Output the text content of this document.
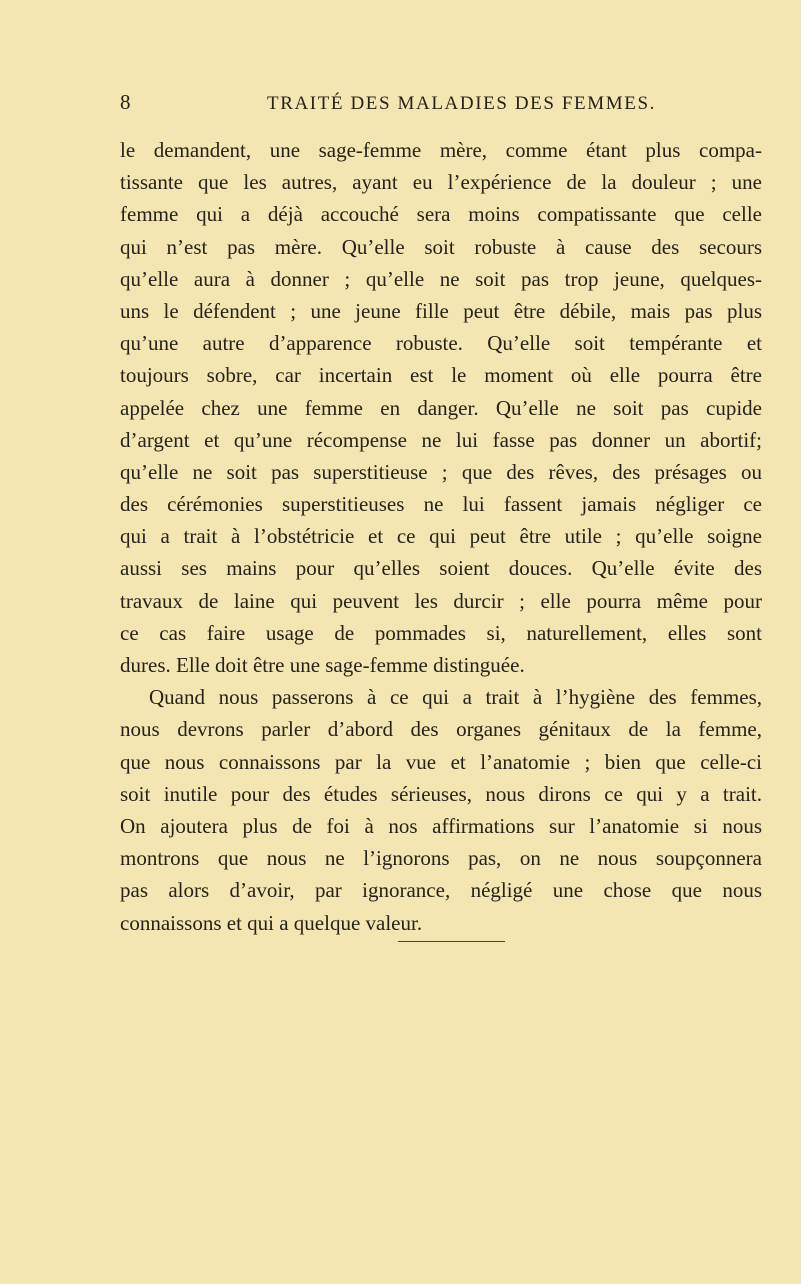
8	TRAITÉ DES MALADIES DES FEMMES.
le demandent, une sage-femme mère, comme étant plus compa-
tissante que les autres, ayant eu l’expérience de la douleur ; une
femme qui a déjà accouché sera moins compatissante que celle
qui n’est pas mère. Qu’elle soit robuste à cause des secours
qu’elle aura à donner ; qu’elle ne soit pas trop jeune, quelques-
uns le défendent ; une jeune fille peut être débile, mais pas plus
qu’une autre d’apparence robuste. Qu’elle soit tempérante et
toujours sobre, car incertain est le moment où elle pourra être
appelée chez une femme en danger. Qu’elle ne soit pas cupide
d’argent et qu’une récompense ne lui fasse pas donner un abortif;
qu’elle ne soit pas superstitieuse ; que des rêves, des présages ou
des cérémonies superstitieuses ne lui fassent jamais négliger ce
qui a trait à l’obstétricie et ce qui peut être utile ; qu’elle soigne
aussi ses mains pour qu’elles soient douces. Qu’elle évite des
travaux de laine qui peuvent les durcir ; elle pourra même pour
ce cas faire usage de pommades si, naturellement, elles sont
dures. Elle doit être une sage-femme distinguée.
Quand nous passerons à ce qui a trait à l’hygiène des femmes,
nous devrons parler d’abord des organes génitaux de la femme,
que nous connaissons par la vue et l’anatomie ; bien que celle-ci
soit inutile pour des études sérieuses, nous dirons ce qui y a trait.
On ajoutera plus de foi à nos affirmations sur l’anatomie si nous
montrons que nous ne l’ignorons pas, on ne nous soupçonnera
pas alors d’avoir, par ignorance, négligé une chose que nous
connaissons et qui a quelque valeur.
